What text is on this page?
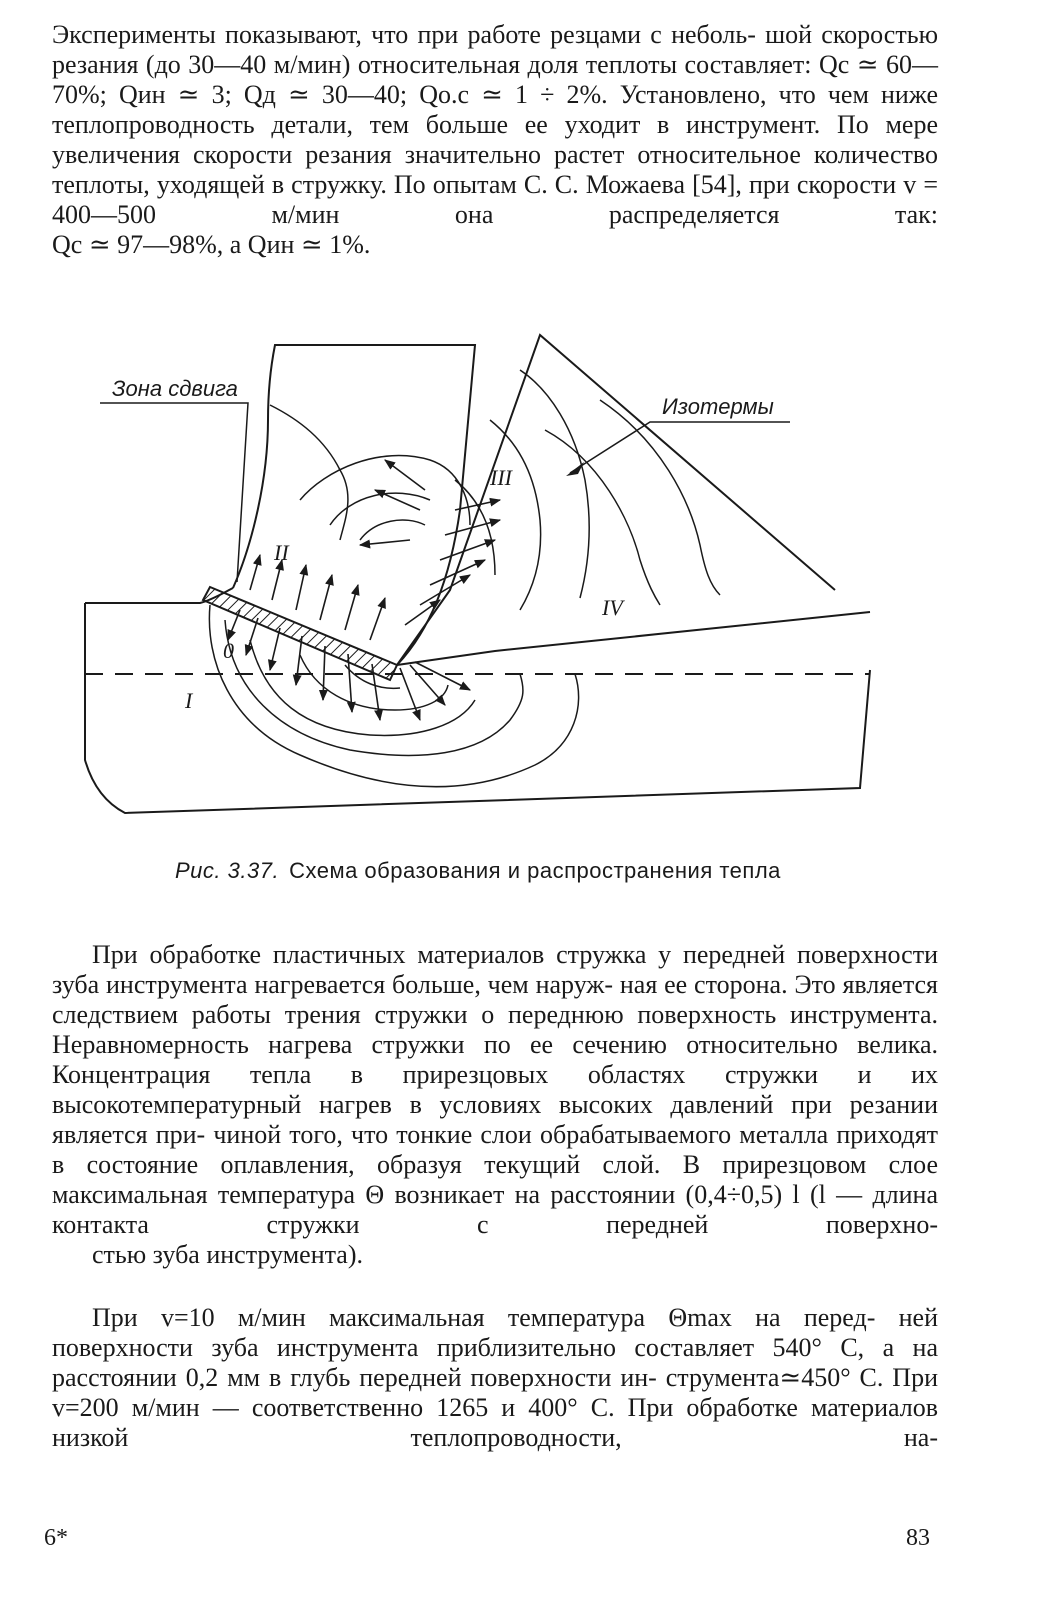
Эксперименты показывают, что при работе резцами с неболь- шой скоростью резания (до 30—40 м/мин) относительная доля теплоты составляет: Qс ≃ 60—70%; Qин ≃ 3; Qд ≃ 30—40; Qо.с ≃ 1 ÷ 2%. Установлено, что чем ниже теплопроводность детали, тем больше ее уходит в инструмент. По мере увеличения скорости резания значительно растет относительное количество теплоты, уходящей в стружку. По опытам С. С. Можаева [54], при скорости v = 400—500 м/мин она распределяется так:
Qс ≃ 97—98%, а Qин ≃ 1%.
Зона сдвига
Изотермы
I
II
III
IV
0
Рис. 3.37. Схема образования и распространения тепла
При обработке пластичных материалов стружка у передней поверхности зуба инструмента нагревается больше, чем наруж- ная ее сторона. Это является следствием работы трения стружки о переднюю поверхность инструмента. Неравномерность нагрева стружки по ее сечению относительно велика. Концентрация тепла в прирезцовых областях стружки и их высокотемпературный нагрев в условиях высоких давлений при резании является при- чиной того, что тонкие слои обрабатываемого металла приходят в состояние оплавления, образуя текущий слой. В прирезцовом слое максимальная температура Θ возникает на расстоянии (0,4÷0,5) l (l — длина контакта стружки с передней поверхно-
стью зуба инструмента).
При v=10 м/мин максимальная температура Θmax на перед- ней поверхности зуба инструмента приблизительно составляет 540° С, а на расстоянии 0,2 мм в глубь передней поверхности ин- струмента≃450° С. При v=200 м/мин — соответственно 1265 и 400° С. При обработке материалов низкой теплопроводности, на-
6*	83
